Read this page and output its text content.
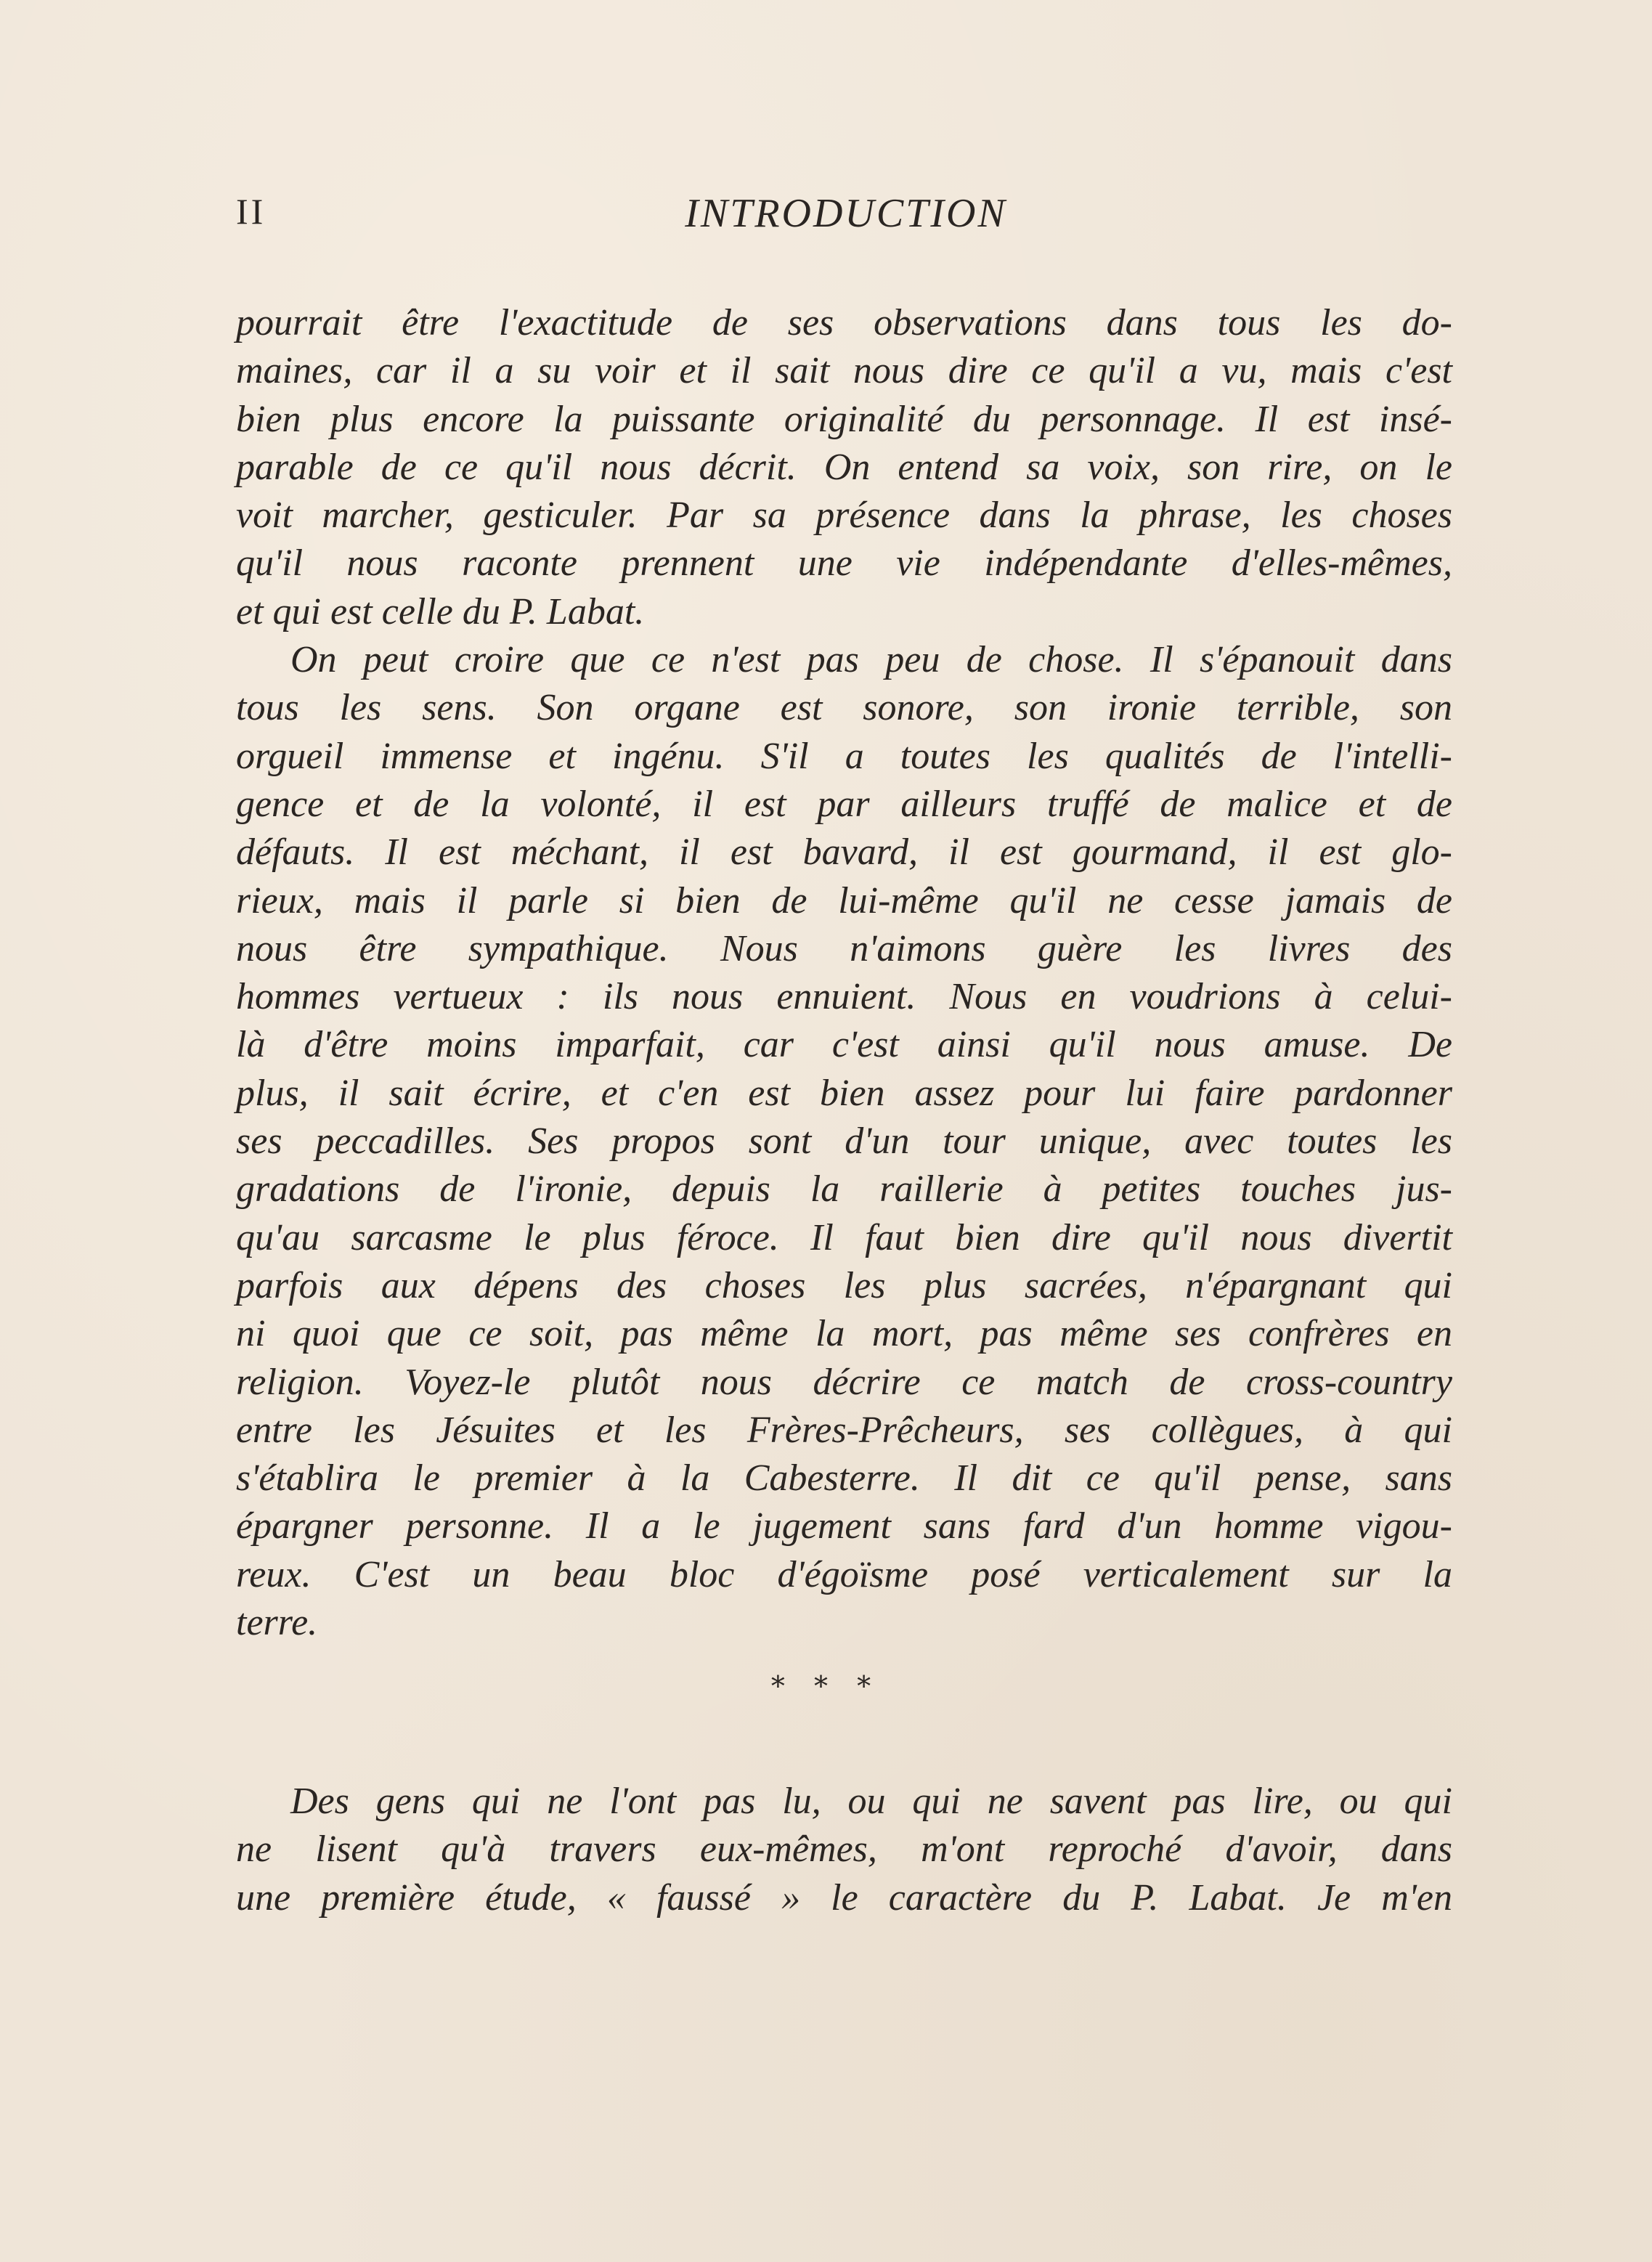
II	INTRODUCTION
pourrait être l'exactitude de ses observations dans tous les do-
maines, car il a su voir et il sait nous dire ce qu'il a vu, mais c'est
bien plus encore la puissante originalité du personnage. Il est insé-
parable de ce qu'il nous décrit. On entend sa voix, son rire, on le
voit marcher, gesticuler. Par sa présence dans la phrase, les choses
qu'il nous raconte prennent une vie indépendante d'elles-mêmes,
et qui est celle du P. Labat.
On peut croire que ce n'est pas peu de chose. Il s'épanouit dans
tous les sens. Son organe est sonore, son ironie terrible, son
orgueil immense et ingénu. S'il a toutes les qualités de l'intelli-
gence et de la volonté, il est par ailleurs truffé de malice et de
défauts. Il est méchant, il est bavard, il est gourmand, il est glo-
rieux, mais il parle si bien de lui-même qu'il ne cesse jamais de
nous être sympathique. Nous n'aimons guère les livres des
hommes vertueux : ils nous ennuient. Nous en voudrions à celui-
là d'être moins imparfait, car c'est ainsi qu'il nous amuse. De
plus, il sait écrire, et c'en est bien assez pour lui faire pardonner
ses peccadilles. Ses propos sont d'un tour unique, avec toutes les
gradations de l'ironie, depuis la raillerie à petites touches jus-
qu'au sarcasme le plus féroce. Il faut bien dire qu'il nous divertit
parfois aux dépens des choses les plus sacrées, n'épargnant qui
ni quoi que ce soit, pas même la mort, pas même ses confrères en
religion. Voyez-le plutôt nous décrire ce match de cross-country
entre les Jésuites et les Frères-Prêcheurs, ses collègues, à qui
s'établira le premier à la Cabesterre. Il dit ce qu'il pense, sans
épargner personne. Il a le jugement sans fard d'un homme vigou-
reux. C'est un beau bloc d'égoïsme posé verticalement sur la
terre.
* * *
Des gens qui ne l'ont pas lu, ou qui ne savent pas lire, ou qui
ne lisent qu'à travers eux-mêmes, m'ont reproché d'avoir, dans
une première étude, « faussé » le caractère du P. Labat. Je m'en
